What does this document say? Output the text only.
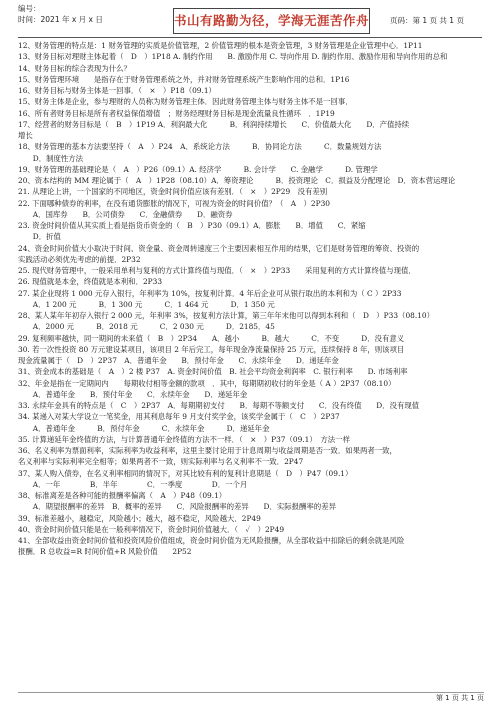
编号：
时间：2021 年 x 月 x 日	书山有路勤为径，学海无涯苦作舟	页码：第 1 页 共 1 页
12、财务管理的特点是：1 财务管理的实质是价值管理，2 价值管理的根本是资金管理，3 财务管理是企业管理中心．1P11
13、财务目标对理财主体起着（　D　）1P18 A. 制约作用　　B. 激励作用 C. 导向作用 D. 制约作用、激励作用和导向作用的总和
14、财务目标的综合表现为什么？
15、财务管理环境　　是指存在于财务管理系统之外，并对财务管理系统产生影响作用的总和．1P16
16、财务目标与财务主体是一回事．（　×　）P18（09.1）
15、财务主体是企业，参与理财的人员称为财务管理主体．因此财务管理主体与财务主体不是一回事．
16、所有者财务目标是所有者权益保值增值　；财务经理财务目标是现金流量良性循环　．1P19
17、经营者的财务目标是（　B　）1P19 A．利润最大化　　　B．利润持续增长　　C．价值最大化　　D．产值持续
增长
18、财务管理的基本方法要坚持（　A　）P24　A．系统论方法　　　B．协同论方法　　　C．数量规划方法
　　D．制度性方法
19、财务管理的基础理论是（　A　）P26（09.1）A. 经济学　　　B. 会计学　　C. 金融学　　　D. 管理学
20、资本结构的 MM 理论属于（　A　）1P28（08.10）A．筹资理论　　　B．投资理论　C．损益及分配理论　D．资本营运理论
21. 从理论上讲，一个国家的不同地区，资金时间价值应该有差别．（　×　）2P29　没有差别
22. 下面哪种债券的利率，在没有通货膨胀的情况下，可视为资金的时间价值？（　A　）2P30
　　A．国库券　　B．公司债券　　C．金融债券　　D．融资券
23. 资金时间价值从其实质上看是指货币资金的（　B　）P30（09.1）A．膨胀　　B．增值　　C．紧缩
　　D．折值
24、资金时间价值大小取决于时间、资金量、资金周转速度三个主要因素相互作用的结果，它们是财务管理的筹资、投资的
实践活动必须优先考虑的前提．2P32
25. 现代财务管理中，一般采用单利与复利的方式计算终值与现值．（　×　）2P33　　采用复利的方式计算终值与现值．
26. 现值就是本金，终值就是本利和．2P33
27. 某企业现将 1 000 元存入银行，年利率为 10%，按复利计算．4 年后企业可从银行取出的本利和为（ C ）2P33
　　A．1 200 元　　　B．1 300 元　　　C．1 464 元　　　D．1 350 元
28、某人某年年初存入银行 2 000 元，年利率 3%，按复利方法计算，第三年年末他可以得到本利和（　D　）P33（08.10）
　　A．2000 元　　　B．2018 元　　　C．2 030 元　　　D．2185．45
29. 复利频率越快，同一期间的未来值（　B　）2P34　　A．越小　　　B．越大　　　C．不变　　　D．没有意义
30. 若一次性投资 80 万元建设某项目，该项目 2 年后完工，每年现金净流量保持 25 万元，连续保持 8 年，则该项目
现金流量属于（　D　）2P37　A．普通年金　　B．预付年金　　C．永续年金　　D．递延年金
31、资金成本的基础是（　A　）2 楼 P37　A. 资金时间价值　B. 社会平均资金利润率　C. 银行利率　　D. 市场利率
32、年金是指在一定期间内　　每期收付相等金额的款项　．其中，每期期初收付的年金是（ A ）2P37（08.10）
　　A．普通年金　　B．预付年金　　C．永续年金　　D．递延年金
33. 永续年金具有的特点是（　C　）2P37　A．每期期初支付　　B．每期不等额支付　　C．没有终值　　D．没有现值
34. 某递入对某大学设立一笔奖金，用其利息每年 9 月支付奖学金，该奖学金属于（　C　）2P37
　　A．普通年金　　　B．预付年金　　　C．永续年金　　　D．递延年金
35. 计算递延年金终值的方法，与计算普通年金终值的方法不一样．（　×　）P37（09.1）　方法一样
36、名义利率为票面利率，实际利率为收益利率，这里主要讨论用于计息周期与收益周期是否一致．如果两者一致，
名义利率与实际利率完全相等；如果两者不一致，则实际利率与名义利率不一致．2P47
37、某人购入债券，在名义利率相同的情况下，对其比较有利的复利计息期是（　D　）P47（09.1）
　　A．一年　　　　B．半年　　　　C．一季度　　　　D．一个月
38、标准离差是各种可能的报酬率偏离（　A　）P48（09.1）
　　A．期望报酬率的差异　B．概率的差异　　C．风险报酬率的差异　　D．实际报酬率的差异
39、标准差越小，越稳定，风险越小；越大，越不稳定，风险越大．2P49
40、资金时间价值只能是在一般利率情况下，资金时间价值越大．（　✓　）2P49
41、全部收益由资金时间价值和投资风险价值组成，资金时间价值为无风险报酬，从全部收益中扣除后的剩余就是风险
报酬．R 总收益=R 时间价值+R 风险价值　　2P52
第 1 页 共 1 页
